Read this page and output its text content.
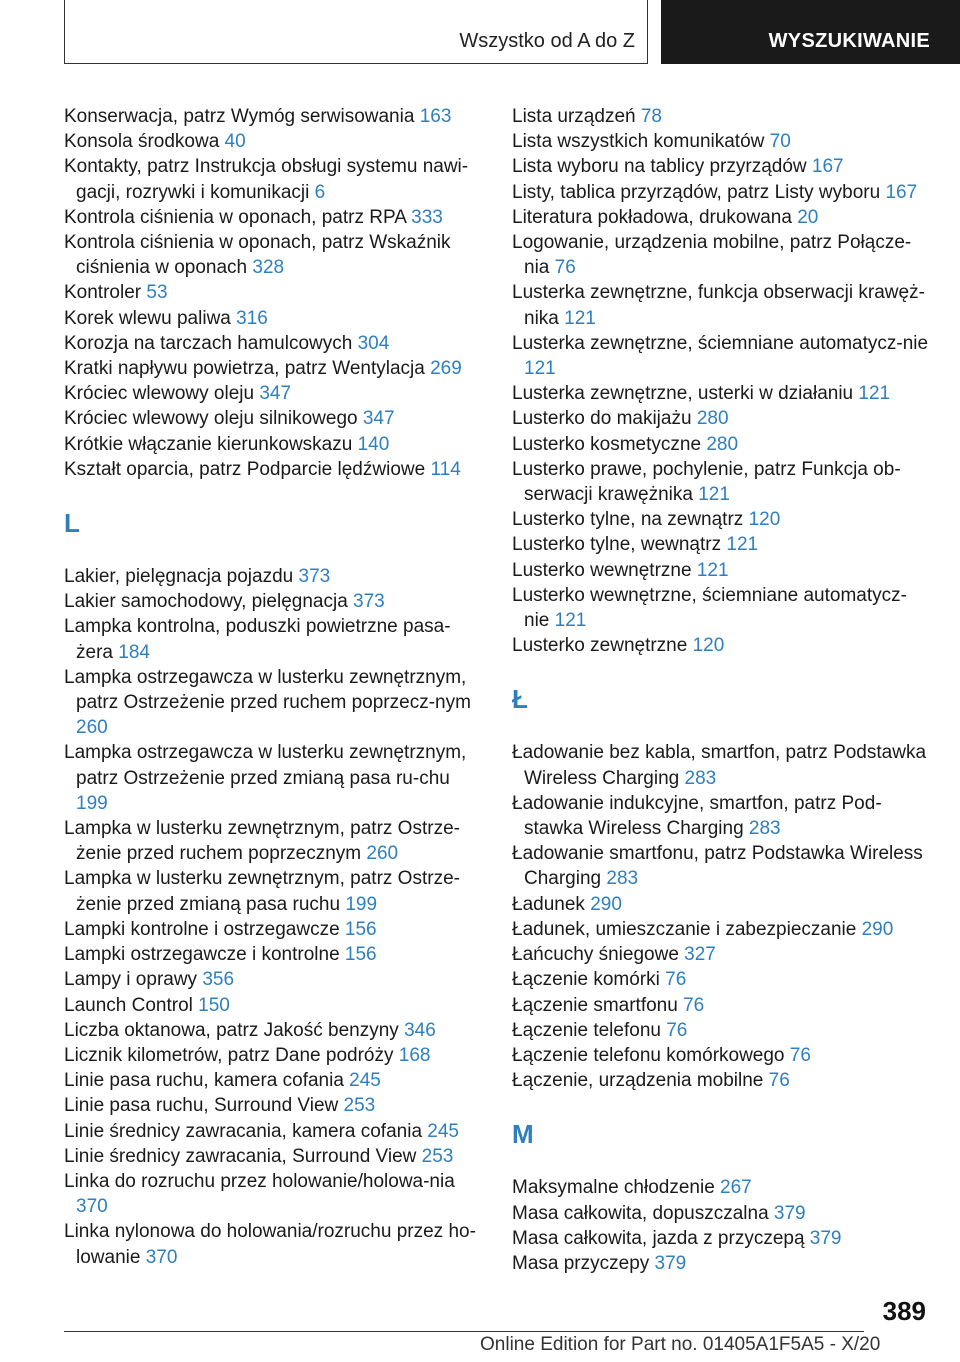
Wszystko od A do Z	WYSZUKIWANIE
Konserwacja, patrz Wymóg serwisowania 163
Konsola środkowa 40
Kontakty, patrz Instrukcja obsługi systemu nawi-gacji, rozrywki i komunikacji 6
Kontrola ciśnienia w oponach, patrz RPA 333
Kontrola ciśnienia w oponach, patrz Wskaźnik ciśnienia w oponach 328
Kontroler 53
Korek wlewu paliwa 316
Korozja na tarczach hamulcowych 304
Kratki napływu powietrza, patrz Wentylacja 269
Króciec wlewowy oleju 347
Króciec wlewowy oleju silnikowego 347
Krótkie włączanie kierunkowskazu 140
Kształt oparcia, patrz Podparcie lędźwiowe 114
L
Lakier, pielęgnacja pojazdu 373
Lakier samochodowy, pielęgnacja 373
Lampka kontrolna, poduszki powietrzne pasa-żera 184
Lampka ostrzegawcza w lusterku zewnętrznym, patrz Ostrzeżenie przed ruchem poprzecz-nym 260
Lampka ostrzegawcza w lusterku zewnętrznym, patrz Ostrzeżenie przed zmianą pasa ru-chu 199
Lampka w lusterku zewnętrznym, patrz Ostrze-żenie przed ruchem poprzecznym 260
Lampka w lusterku zewnętrznym, patrz Ostrze-żenie przed zmianą pasa ruchu 199
Lampki kontrolne i ostrzegawcze 156
Lampki ostrzegawcze i kontrolne 156
Lampy i oprawy 356
Launch Control 150
Liczba oktanowa, patrz Jakość benzyny 346
Licznik kilometrów, patrz Dane podróży 168
Linie pasa ruchu, kamera cofania 245
Linie pasa ruchu, Surround View 253
Linie średnicy zawracania, kamera cofania 245
Linie średnicy zawracania, Surround View 253
Linka do rozruchu przez holowanie/holowa-nia 370
Linka nylonowa do holowania/rozruchu przez ho-lowanie 370
Lista urządzeń 78
Lista wszystkich komunikatów 70
Lista wyboru na tablicy przyrządów 167
Listy, tablica przyrządów, patrz Listy wyboru 167
Literatura pokładowa, drukowana 20
Logowanie, urządzenia mobilne, patrz Połącze-nia 76
Lusterka zewnętrzne, funkcja obserwacji krawęż-nika 121
Lusterka zewnętrzne, ściemniane automatycz-nie 121
Lusterka zewnętrzne, usterki w działaniu 121
Lusterko do makijażu 280
Lusterko kosmetyczne 280
Lusterko prawe, pochylenie, patrz Funkcja ob-serwacji krawężnika 121
Lusterko tylne, na zewnątrz 120
Lusterko tylne, wewnątrz 121
Lusterko wewnętrzne 121
Lusterko wewnętrzne, ściemniane automatycz-nie 121
Lusterko zewnętrzne 120
Ł
Ładowanie bez kabla, smartfon, patrz Podstawka Wireless Charging 283
Ładowanie indukcyjne, smartfon, patrz Pod-stawka Wireless Charging 283
Ładowanie smartfonu, patrz Podstawka Wireless Charging 283
Ładunek 290
Ładunek, umieszczanie i zabezpieczanie 290
Łańcuchy śniegowe 327
Łączenie komórki 76
Łączenie smartfonu 76
Łączenie telefonu 76
Łączenie telefonu komórkowego 76
Łączenie, urządzenia mobilne 76
M
Maksymalne chłodzenie 267
Masa całkowita, dopuszczalna 379
Masa całkowita, jazda z przyczepą 379
Masa przyczepy 379
389
Online Edition for Part no. 01405A1F5A5 - X/20
